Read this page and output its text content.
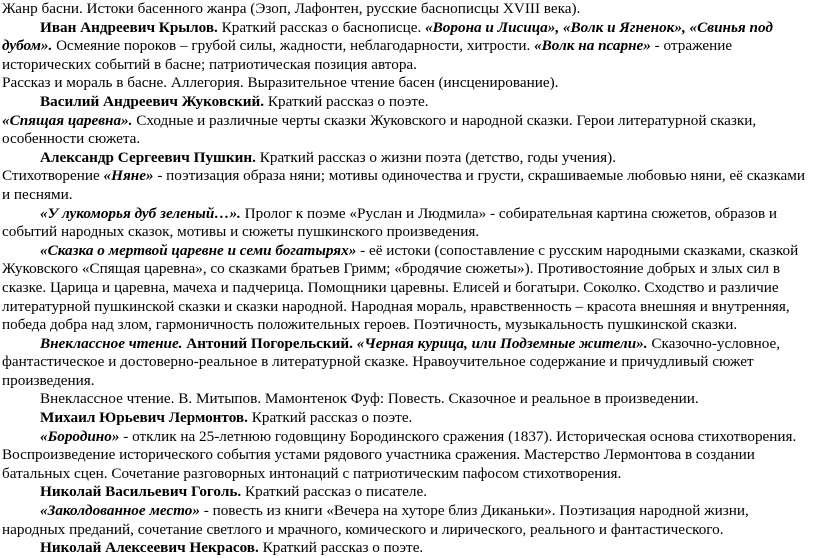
Жанр басни. Истоки басенного жанра (Эзоп, Лафонтен, русские баснописцы XVIII века).

Иван Андреевич Крылов. Краткий рассказ о баснописце. «Ворона и Лисица», «Волк и Ягненок», «Свинья под дубом». Осмеяние пороков – грубой силы, жадности, неблагодарности, хитрости. «Волк на псарне» - отражение исторических событий в басне; патриотическая позиция автора.

Рассказ и мораль в басне. Аллегория. Выразительное чтение басен (инсценирование).

Василий Андреевич Жуковский. Краткий рассказ о поэте.

«Спящая царевна». Сходные и различные черты сказки Жуковского и народной сказки. Герои литературной сказки, особенности сюжета.

Александр Сергеевич Пушкин. Краткий рассказ о жизни поэта (детство, годы учения).

Стихотворение «Няне» - поэтизация образа няни; мотивы одиночества и грусти, скрашиваемые любовью няни, её сказками и песнями.

«У лукоморья дуб зеленый…». Пролог к поэме «Руслан и Людмила» - собирательная картина сюжетов, образов и событий народных сказок, мотивы и сюжеты пушкинского произведения.

«Сказка о мертвой царевне и семи богатырях» - её истоки (сопоставление с русским народными сказками, сказкой Жуковского «Спящая царевна», со сказками братьев Гримм; «бродячие сюжеты»). Противостояние добрых и злых сил в сказке. Царица и царевна, мачеха и падчерица. Помощники царевны. Елисей и богатыри. Соколко. Сходство и различие литературной пушкинской сказки и сказки народной. Народная мораль, нравственность – красота внешняя и внутренняя, победа добра над злом, гармоничность положительных героев. Поэтичность, музыкальность пушкинской сказки.

Внеклассное чтение. Антоний Погорельский. «Черная курица, или Подземные жители». Сказочно-условное, фантастическое и достоверно-реальное в литературной сказке. Нравоучительное содержание и причудливый сюжет произведения.

Внеклассное чтение. В. Митыпов. Мамонтенок Фуф: Повесть. Сказочное и реальное в произведении.

Михаил Юрьевич Лермонтов. Краткий рассказ о поэте.

«Бородино» - отклик на 25-летнюю годовщину Бородинского сражения (1837). Историческая основа стихотворения. Воспроизведение исторического события устами рядового участника сражения. Мастерство Лермонтова в создании батальных сцен. Сочетание разговорных интонаций с патриотическим пафосом стихотворения.

Николай Васильевич Гоголь. Краткий рассказ о писателе.

«Заколдованное место» - повесть из книги «Вечера на хуторе близ Диканьки». Поэтизация народной жизни, народных преданий, сочетание светлого и мрачного, комического и лирического, реального и фантастического.

Николай Алексеевич Некрасов. Краткий рассказ о поэте.
